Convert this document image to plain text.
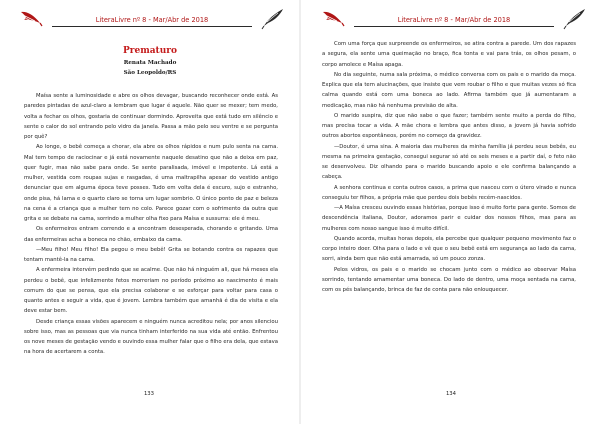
LiteraLivre nº 8 - Mar/Abr de 2018
Prematuro
Renata Machado
São Leopoldo/RS

Maísa sente a luminosidade e abre os olhos devagar, buscando reconhecer onde está. As paredes pintadas de azul-claro a lembram que lugar é aquele. Não quer se mexer; tem medo, volta a fechar os olhos, gostaria de continuar dormindo. Aproveita que está tudo em silêncio e sente o calor do sol entrando pelo vidro da janela. Passa a mão pelo seu ventre e se pergunta por quê?

Ao longe, o bebê começa a chorar, ela abre os olhos rápidos e num pulo senta na cama. Mal tem tempo de raciocinar e já está novamente naquele desatino que não a deixa em paz, quer fugir, mas não sabe para onde. Se sente paralisada, imóvel e impotente. Lá está a mulher, vestida com roupas sujas e rasgadas, é uma maltrapilha apesar do vestido antigo denunciar que em alguma época teve posses. Tudo em volta dela é escuro, sujo e estranho, onde pisa, há lama e o quarto claro se torna um lugar sombrio. O único ponto de paz e beleza na cena é a criança que a mulher tem no colo. Parece gozar com o sofrimento da outra que grita e se debate na cama, sorrindo a mulher olha fixo para Maísa e sussurra: ele é meu.

Os enfermeiros entram correndo e a encontram desesperada, chorando e gritando. Uma das enfermeiras acha a boneca no chão, embaixo da cama.

—Meu filho! Meu filho! Ela pegou o meu bebê! Grita se botando contra os rapazes que tentam mantê-la na cama.

A enfermeira intervém pedindo que se acalme. Que não há ninguém ali, que há meses ela perdeu o bebê, que infelizmente fetos morreriam no período próximo ao nascimento é mais comum do que se pensa, que ela precisa colaborar e se esforçar para voltar para casa o quanto antes e seguir a vida, que é jovem. Lembra também que amanhã é dia de visita e ela deve estar bem.

Desde criança essas visões aparecem e ninguém nunca acreditou nela; por anos silenciou sobre isso, mas as pessoas que via nunca tinham interferido na sua vida até então. Enfrentou os nove meses de gestação vendo e ouvindo essa mulher falar que o filho era dela, que estava na hora de acertarem a conta.

133
LiteraLivre nº 8 - Mar/Abr de 2018

Com uma força que surpreende os enfermeiros, se atira contra a parede. Um dos rapazes a segura, ela sente uma queimação no braço, fica tonta e vai para trás, os olhos pesam, o corpo amolece e Maísa apaga.

No dia seguinte, numa sala próxima, o médico conversa com os pais e o marido da moça. Explica que ela tem alucinações, que insiste que vem roubar o filho e que muitas vezes só fica calma quando está com uma boneca ao lado. Afirma também que já aumentaram a medicação, mas não há nenhuma previsão de alta.

O marido suspira, diz que não sabe o que fazer; também sente muito a perda do filho, mas precisa tocar a vida. A mãe chora e lembra que antes disso, a jovem já havia sofrido outros abortos espontâneos, porém no começo da gravidez.

—Doutor, é uma sina. A maioria das mulheres da minha família já perdeu seus bebês, eu mesma na primeira gestação, consegui segurar só até os seis meses e a partir daí, o feto não se desenvolveu. Diz olhando para o marido buscando apoio e ele confirma balançando a cabeça.

A senhora continua e conta outros casos, a prima que nasceu com o útero virado e nunca conseguiu ter filhos, a própria mãe que perdeu dois bebês recém-nascidos.

—A Maísa cresceu ouvindo essas histórias, porque isso é muito forte para gente. Somos de descendência italiana, Doutor, adoramos parir e cuidar dos nossos filhos, mas para as mulheres com nosso sangue isso é muito difícil.

Quando acorda, muitas horas depois, ela percebe que qualquer pequeno movimento faz o corpo inteiro doer. Olha para o lado e vê que o seu bebê está em segurança ao lado da cama, sorri, ainda bem que não está amarrada, só um pouco zonza.

Pelos vidros, os pais e o marido se chocam junto com o médico ao observar Maísa sorrindo, tentando amamentar uma boneca. Do lado de dentro, uma moça sentada na cama, com os pés balançando, brinca de faz de conta para não enlouquecer.

134
